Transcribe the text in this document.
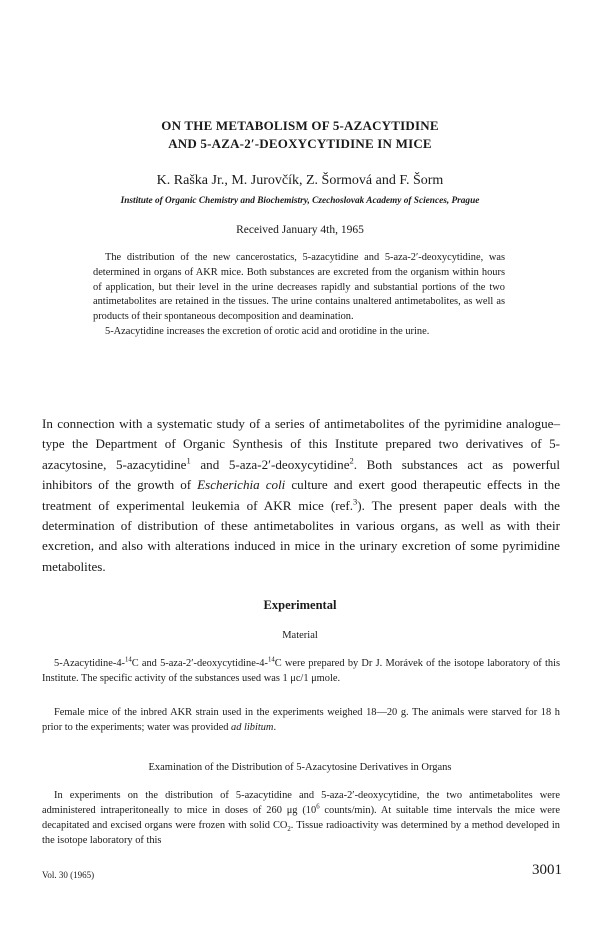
ON THE METABOLISM OF 5-AZACYTIDINE

AND 5-AZA-2′-DEOXYCYTIDINE IN MICE

K. Raška Jr., M. Jurovčík, Z. Šormová and F. Šorm

Institute of Organic Chemistry and Biochemistry, Czechoslovak Academy of Sciences, Prague

Received January 4th, 1965

The distribution of the new cancerostatics, 5-azacytidine and 5-aza-2′-deoxycytidine, was determined in organs of AKR mice. Both substances are excreted from the organism within hours of application, but their level in the urine decreases rapidly and substantial portions of the two antimetabolites are retained in the tissues. The urine contains unaltered antimetabolites, as well as products of their spontaneous decomposition and deamination.

5-Azacytidine increases the excretion of orotic acid and orotidine in the urine.

In connection with a systematic study of a series of antimetabolites of the pyrimidine analogue–type the Department of Organic Synthesis of this Institute prepared two derivatives of 5-azacytosine, 5-azacytidine$^1$ and 5-aza-2′-deoxycytidine$^2$. Both substances act as powerful inhibitors of the growth of Escherichia coli culture and exert good therapeutic effects in the treatment of experimental leukemia of AKR mice (ref.$^3$). The present paper deals with the determination of distribution of these antimetabolites in various organs, as well as with their excretion, and also with alterations induced in mice in the urinary excretion of some pyrimidine metabolites.

Experimental

Material

5-Azacytidine-4-$^{14}$C and 5-aza-2′-deoxycytidine-4-$^{14}$C were prepared by Dr J. Morávek of the isotope laboratory of this Institute. The specific activity of the substances used was 1 μc/1 μmole.

Female mice of the inbred AKR strain used in the experiments weighed 18—20 g. The animals were starved for 18 h prior to the experiments; water was provided ad libitum.

Examination of the Distribution of 5-Azacytosine Derivatives in Organs

In experiments on the distribution of 5-azacytidine and 5-aza-2′-deoxycytidine, the two antimetabolites were administered intraperitoneally to mice in doses of 260 μg ($10^6$ counts/min). At suitable time intervals the mice were decapitated and excised organs were frozen with solid $CO_2$. Tissue radioactivity was determined by a method developed in the isotope laboratory of this

Vol. 30 (1965)	3001
